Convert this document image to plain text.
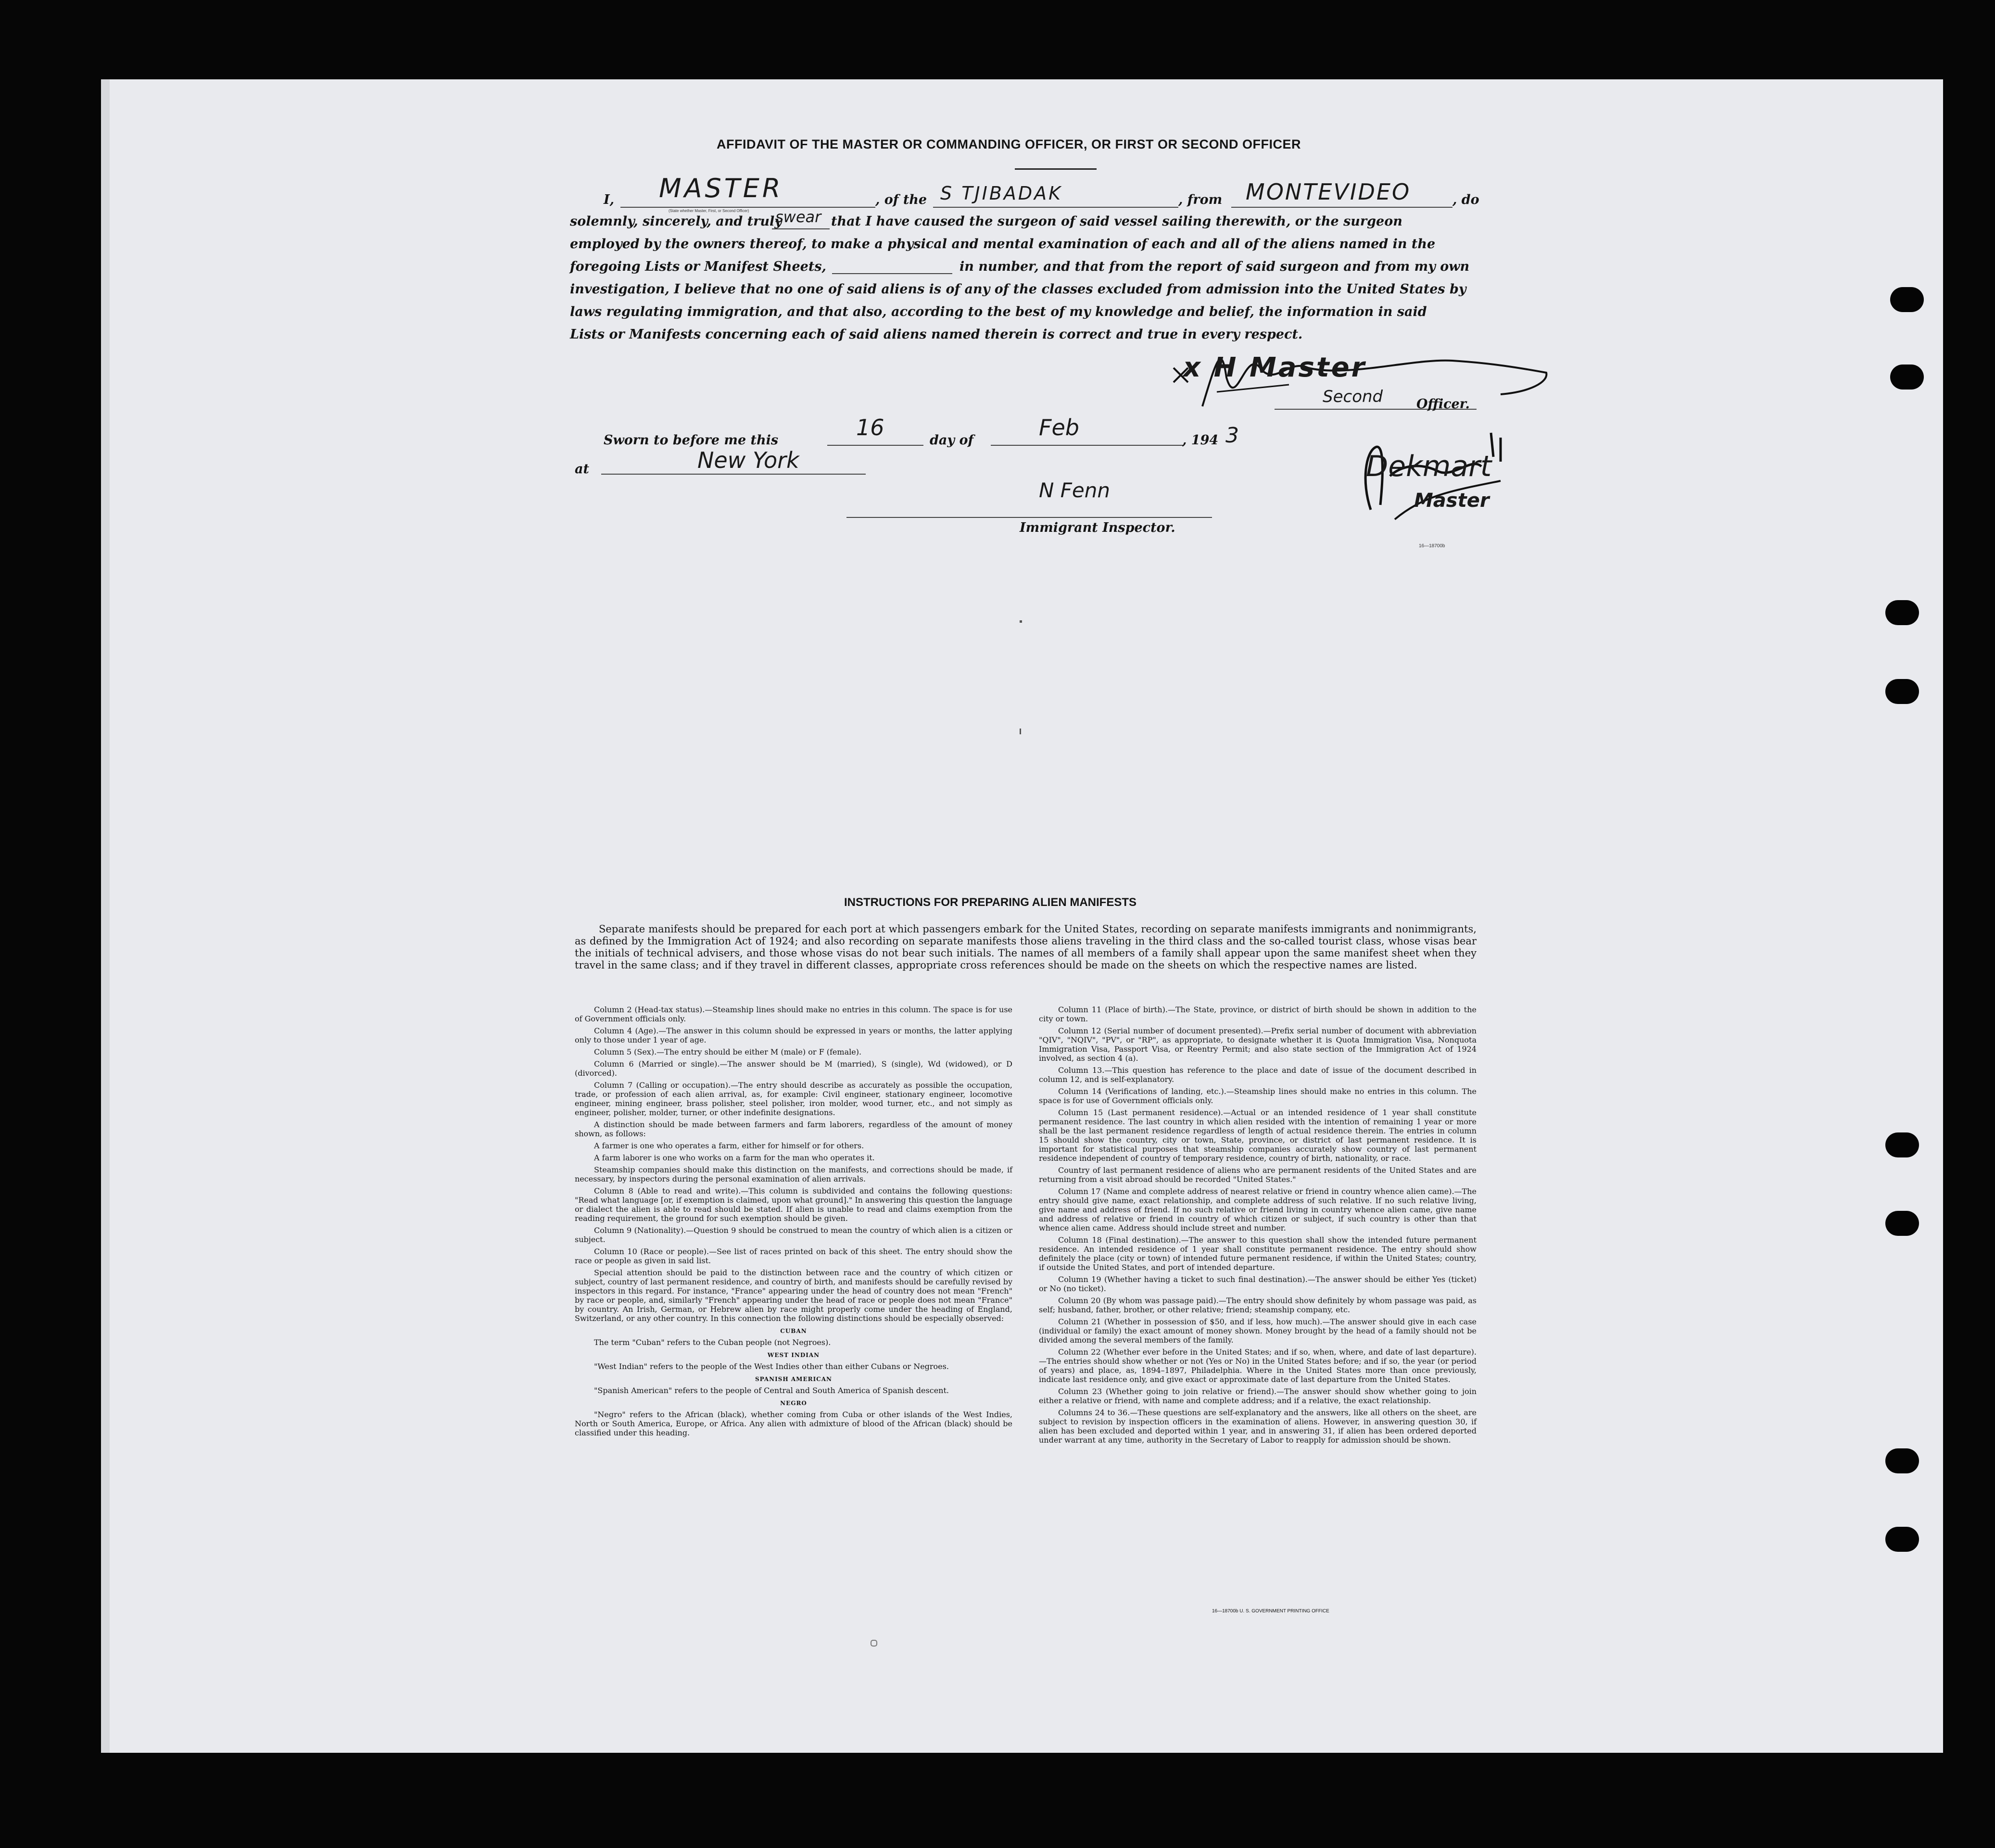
AFFIDAVIT OF THE MASTER OR COMMANDING OFFICER, OR FIRST OR SECOND OFFICER
I, MASTER
(State whether Master, First, or Second Officer)
, of the S TJIBADAK	, from MONTEVIDEO	, do
solemnly, sincerely, and truly
swear that I have caused the surgeon of said vessel sailing therewith, or the surgeon
employed by the owners thereof, to make a physical and mental examination of each and all of the aliens named in the
foregoing Lists or Manifest Sheets,	in number, and that from the report of said surgeon and from my own
investigation, I believe that no one of said aliens is of any of the classes excluded from admission into the United States by
laws regulating immigration, and that also, according to the best of my knowledge and belief, the information in said
Lists or Manifests concerning each of said aliens named therein is correct and true in every respect.
x H Master
Second	Officer.
Sworn to before me this	16	day of	Feb	, 194 3
at	New York
N Fenn
Immigrant Inspector.
Dekmart
Master
16—18700b
INSTRUCTIONS FOR PREPARING ALIEN MANIFESTS
Separate manifests should be prepared for each port at which passengers embark for the United States, recording on separate manifests immigrants and nonimmigrants, as defined by the Immigration Act of 1924; and also recording on separate manifests those aliens traveling in the third class and the so-called tourist class, whose visas bear the initials of technical advisers, and those whose visas do not bear such initials. The names of all members of a family shall appear upon the same manifest sheet when they travel in the same class; and if they travel in different classes, appropriate cross references should be made on the sheets on which the respective names are listed.

Column 2 (Head-tax status).—Steamship lines should make no entries in this column. The space is for use of Government officials only.

Column 4 (Age).—The answer in this column should be expressed in years or months, the latter applying only to those under 1 year of age.

Column 5 (Sex).—The entry should be either M (male) or F (female).

Column 6 (Married or single).—The answer should be M (married), S (single), Wd (widowed), or D (divorced).

Column 7 (Calling or occupation).—The entry should describe as accurately as possible the occupation, trade, or profession of each alien arrival, as, for example: Civil engineer, stationary engineer, locomotive engineer, mining engineer, brass polisher, steel polisher, iron molder, wood turner, etc., and not simply as engineer, polisher, molder, turner, or other indefinite designations.

A distinction should be made between farmers and farm laborers, regardless of the amount of money shown, as follows:

A farmer is one who operates a farm, either for himself or for others.

A farm laborer is one who works on a farm for the man who operates it.

Steamship companies should make this distinction on the manifests, and corrections should be made, if necessary, by inspectors during the personal examination of alien arrivals.

Column 8 (Able to read and write).—This column is subdivided and contains the following questions: "Read what language [or, if exemption is claimed, upon what ground]." In answering this question the language or dialect the alien is able to read should be stated. If alien is unable to read and claims exemption from the reading requirement, the ground for such exemption should be given.

Column 9 (Nationality).—Question 9 should be construed to mean the country of which alien is a citizen or subject.

Column 10 (Race or people).—See list of races printed on back of this sheet. The entry should show the race or people as given in said list.

Special attention should be paid to the distinction between race and the country of which citizen or subject, country of last permanent residence, and country of birth, and manifests should be carefully revised by inspectors in this regard. For instance, "France" appearing under the head of country does not mean "French" by race or people, and, similarly "French" appearing under the head of race or people does not mean "France" by country. An Irish, German, or Hebrew alien by race might properly come under the heading of England, Switzerland, or any other country. In this connection the following distinctions should be especially observed:

CUBAN

The term "Cuban" refers to the Cuban people (not Negroes).

WEST INDIAN

"West Indian" refers to the people of the West Indies other than either Cubans or Negroes.

SPANISH AMERICAN

"Spanish American" refers to the people of Central and South America of Spanish descent.

NEGRO

"Negro" refers to the African (black), whether coming from Cuba or other islands of the West Indies, North or South America, Europe, or Africa. Any alien with admixture of blood of the African (black) should be classified under this heading.

Column 11 (Place of birth).—The State, province, or district of birth should be shown in addition to the city or town.

Column 12 (Serial number of document presented).—Prefix serial number of document with abbreviation "QIV", "NQIV", "PV", or "RP", as appropriate, to designate whether it is Quota Immigration Visa, Nonquota Immigration Visa, Passport Visa, or Reentry Permit; and also state section of the Immigration Act of 1924 involved, as section 4 (a).

Column 13.—This question has reference to the place and date of issue of the document described in column 12, and is self-explanatory.

Column 14 (Verifications of landing, etc.).—Steamship lines should make no entries in this column. The space is for use of Government officials only.

Column 15 (Last permanent residence).—Actual or an intended residence of 1 year shall constitute permanent residence. The last country in which alien resided with the intention of remaining 1 year or more shall be the last permanent residence regardless of length of actual residence therein. The entries in column 15 should show the country, city or town, State, province, or district of last permanent residence. It is important for statistical purposes that steamship companies accurately show country of last permanent residence independent of country of temporary residence, country of birth, nationality, or race.

Country of last permanent residence of aliens who are permanent residents of the United States and are returning from a visit abroad should be recorded "United States."

Column 17 (Name and complete address of nearest relative or friend in country whence alien came).—The entry should give name, exact relationship, and complete address of such relative. If no such relative living, give name and address of friend. If no such relative or friend living in country whence alien came, give name and address of relative or friend in country of which citizen or subject, if such country is other than that whence alien came. Address should include street and number.

Column 18 (Final destination).—The answer to this question shall show the intended future permanent residence. An intended residence of 1 year shall constitute permanent residence. The entry should show definitely the place (city or town) of intended future permanent residence, if within the United States; country, if outside the United States, and port of intended departure.

Column 19 (Whether having a ticket to such final destination).—The answer should be either Yes (ticket) or No (no ticket).

Column 20 (By whom was passage paid).—The entry should show definitely by whom passage was paid, as self; husband, father, brother, or other relative; friend; steamship company, etc.

Column 21 (Whether in possession of $50, and if less, how much).—The answer should give in each case (individual or family) the exact amount of money shown. Money brought by the head of a family should not be divided among the several members of the family.

Column 22 (Whether ever before in the United States; and if so, when, where, and date of last departure).—The entries should show whether or not (Yes or No) in the United States before; and if so, the year (or period of years) and place, as, 1894–1897, Philadelphia. Where in the United States more than once previously, indicate last residence only, and give exact or approximate date of last departure from the United States.

Column 23 (Whether going to join relative or friend).—The answer should show whether going to join either a relative or friend, with name and complete address; and if a relative, the exact relationship.

Columns 24 to 36.—These questions are self-explanatory and the answers, like all others on the sheet, are subject to revision by inspection officers in the examination of aliens. However, in answering question 30, if alien has been excluded and deported within 1 year, and in answering 31, if alien has been ordered deported under warrant at any time, authority in the Secretary of Labor to reapply for admission should be shown.

16—18700b U. S. GOVERNMENT PRINTING OFFICE
